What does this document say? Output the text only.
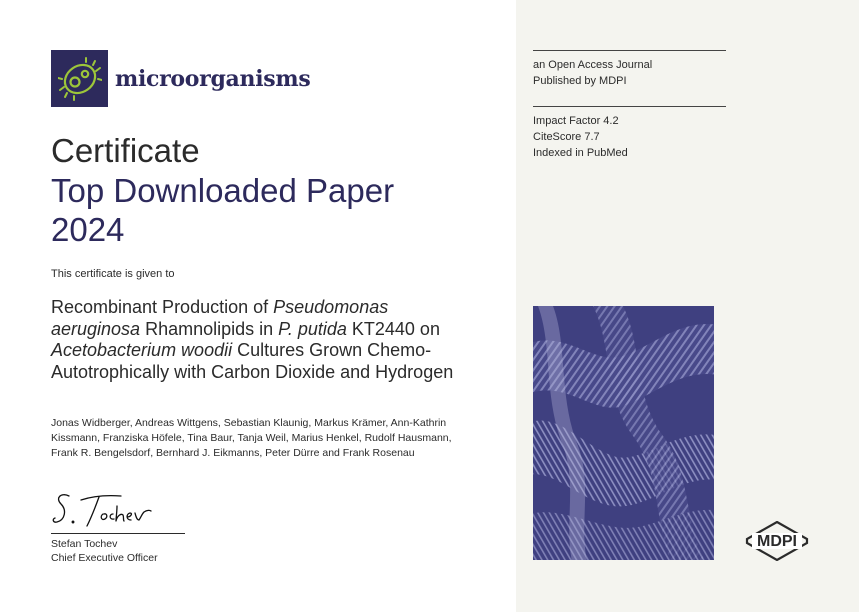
microorganisms
Certificate
Top Downloaded Paper
2024
This certificate is given to
Recombinant Production of Pseudomonas aeruginosa Rhamnolipids in P. putida KT2440 on Acetobacterium woodii Cultures Grown Chemo-Autotrophically with Carbon Dioxide and Hydrogen
Jonas Widberger, Andreas Wittgens, Sebastian Klaunig, Markus Krämer, Ann-Kathrin Kissmann, Franziska Höfele, Tina Baur, Tanja Weil, Marius Henkel, Rudolf Hausmann, Frank R. Bengelsdorf, Bernhard J. Eikmanns, Peter Dürre and Frank Rosenau
Stefan Tochev
Chief Executive Officer
an Open Access Journal
Published by MDPI
Impact Factor 4.2
CiteScore 7.7
Indexed in PubMed
MDPI
